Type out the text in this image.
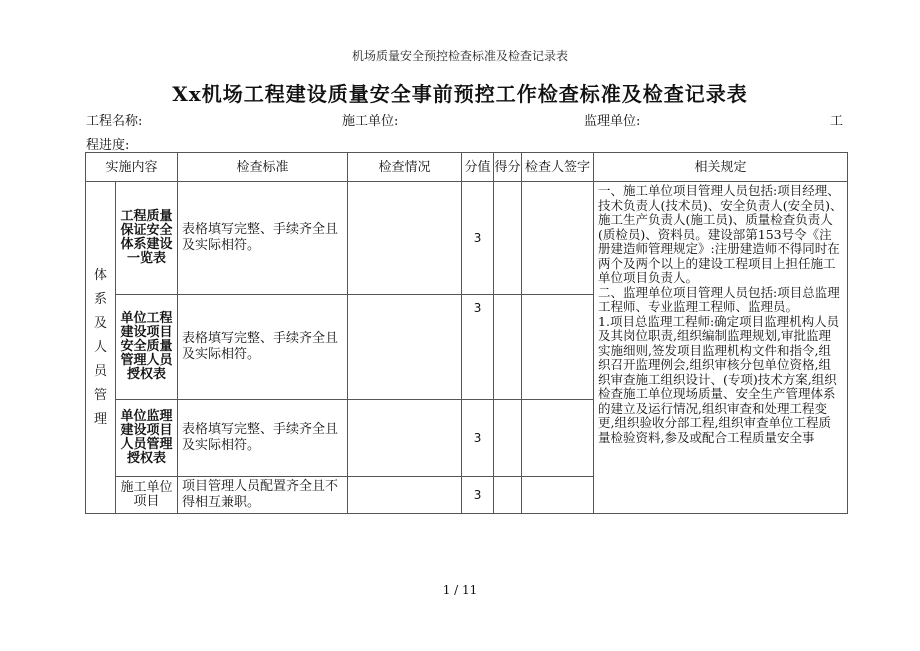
机场质量安全预控检查标准及检查记录表
Xx机场工程建设质量安全事前预控工作检查标准及检查记录表
工程名称:	施工单位:	监理单位:	工
程进度:
实施内容		检查标准	检查情况	分值	得分	检查人签字	相关规定

体系及人员管理	工程质量保证安全体系建设一览表	表格填写完整、手续齐全且及实际相符。		3			一、施工单位项目管理人员包括:项目经理、技术负责人(技术员)、安全负责人(安全员)、施工生产负责人(施工员)、质量检查负责人(质检员)、资料员。建设部第153号令《注册建造师管理规定》:注册建造师不得同时在两个及两个以上的建设工程项目上担任施工单位项目负责人。

二、监理单位项目管理人员包括:项目总监理工程师、专业监理工程师、监理员。

1.项目总监理工程师:确定项目监理机构人员及其岗位职责,组织编制监理规划,审批监理实施细则,签发项目监理机构文件和指令,组织召开监理例会,组织审核分包单位资格,组织审查施工组织设计、(专项)技术方案,组织检查施工单位现场质量、安全生产管理体系的建立及运行情况,组织审查和处理工程变更,组织验收分部工程,组织审查单位工程质量检验资料,参及或配合工程质量安全事

	单位工程建设项目安全质量管理人员授权表	表格填写完整、手续齐全且及实际相符。		3			
	单位监理建设项目人员管理授权表	表格填写完整、手续齐全且及实际相符。		3			
	施工单位项目	项目管理人员配置齐全且不得相互兼职。		3			
1 / 11
